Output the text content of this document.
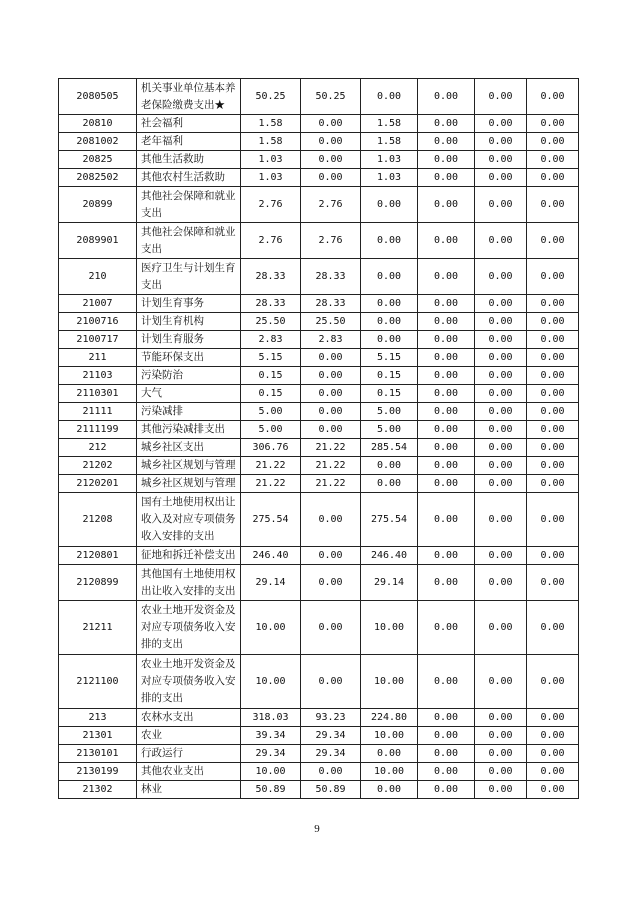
2080505	机关事业单位基本养老保险缴费支出★	50.25	50.25	0.00	0.00	0.00	0.00
20810	社会福利	1.58	0.00	1.58	0.00	0.00	0.00
2081002	老年福利	1.58	0.00	1.58	0.00	0.00	0.00
20825	其他生活救助	1.03	0.00	1.03	0.00	0.00	0.00
2082502	其他农村生活救助	1.03	0.00	1.03	0.00	0.00	0.00
20899	其他社会保障和就业支出	2.76	2.76	0.00	0.00	0.00	0.00
2089901	其他社会保障和就业支出	2.76	2.76	0.00	0.00	0.00	0.00
210	医疗卫生与计划生育支出	28.33	28.33	0.00	0.00	0.00	0.00
21007	计划生育事务	28.33	28.33	0.00	0.00	0.00	0.00
2100716	计划生育机构	25.50	25.50	0.00	0.00	0.00	0.00
2100717	计划生育服务	2.83	2.83	0.00	0.00	0.00	0.00
211	节能环保支出	5.15	0.00	5.15	0.00	0.00	0.00
21103	污染防治	0.15	0.00	0.15	0.00	0.00	0.00
2110301	大气	0.15	0.00	0.15	0.00	0.00	0.00
21111	污染减排	5.00	0.00	5.00	0.00	0.00	0.00
2111199	其他污染减排支出	5.00	0.00	5.00	0.00	0.00	0.00
212	城乡社区支出	306.76	21.22	285.54	0.00	0.00	0.00
21202	城乡社区规划与管理	21.22	21.22	0.00	0.00	0.00	0.00
2120201	城乡社区规划与管理	21.22	21.22	0.00	0.00	0.00	0.00
21208	国有土地使用权出让收入及对应专项债务收入安排的支出	275.54	0.00	275.54	0.00	0.00	0.00
2120801	征地和拆迁补偿支出	246.40	0.00	246.40	0.00	0.00	0.00
2120899	其他国有土地使用权出让收入安排的支出	29.14	0.00	29.14	0.00	0.00	0.00
21211	农业土地开发资金及对应专项债务收入安排的支出	10.00	0.00	10.00	0.00	0.00	0.00
2121100	农业土地开发资金及对应专项债务收入安排的支出	10.00	0.00	10.00	0.00	0.00	0.00
213	农林水支出	318.03	93.23	224.80	0.00	0.00	0.00
21301	农业	39.34	29.34	10.00	0.00	0.00	0.00
2130101	行政运行	29.34	29.34	0.00	0.00	0.00	0.00
2130199	其他农业支出	10.00	0.00	10.00	0.00	0.00	0.00
21302	林业	50.89	50.89	0.00	0.00	0.00	0.00
9
